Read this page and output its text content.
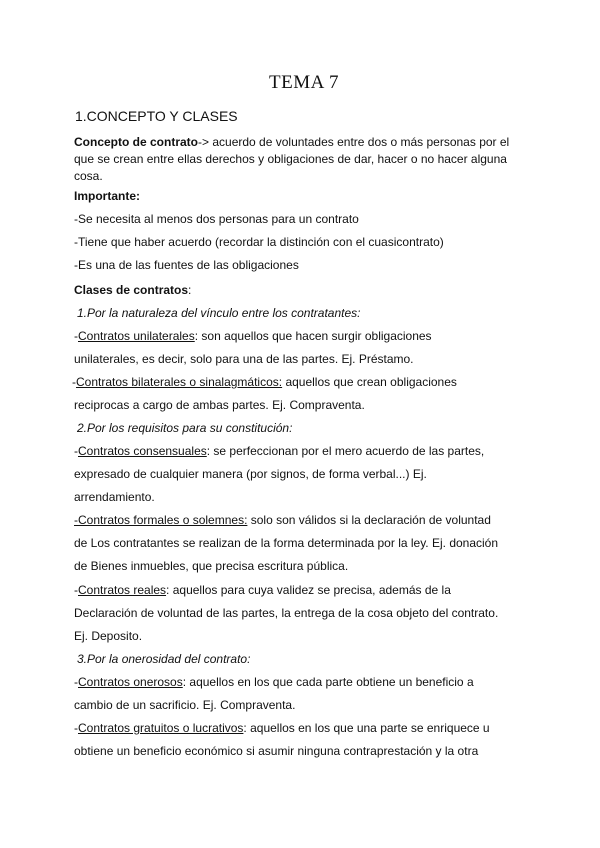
TEMA 7
1.CONCEPTO Y CLASES
Concepto de contrato-> acuerdo de voluntades entre dos o más personas por el que se crean entre ellas derechos y obligaciones de dar, hacer o no hacer alguna cosa.
Importante:
-Se necesita al menos dos personas para un contrato
-Tiene que haber acuerdo (recordar la distinción con el cuasicontrato)
-Es una de las fuentes de las obligaciones
Clases de contratos:
1.Por la naturaleza del vínculo entre los contratantes:
-Contratos unilaterales: son aquellos que hacen surgir obligaciones
unilaterales, es decir, solo para una de las partes. Ej. Préstamo.
-Contratos bilaterales o sinalagmáticos: aquellos que crean obligaciones
reciprocas a cargo de ambas partes. Ej. Compraventa.
2.Por los requisitos para su constitución:
-Contratos consensuales: se perfeccionan por el mero acuerdo de las partes,
expresado de cualquier manera (por signos, de forma verbal...) Ej.
arrendamiento.
-Contratos formales o solemnes: solo son válidos si la declaración de voluntad
de Los contratantes se realizan de la forma determinada por la ley. Ej. donación
de Bienes inmuebles, que precisa escritura pública.
-Contratos reales: aquellos para cuya validez se precisa, además de la
Declaración de voluntad de las partes, la entrega de la cosa objeto del contrato.
Ej. Deposito.
3.Por la onerosidad del contrato:
-Contratos onerosos: aquellos en los que cada parte obtiene un beneficio a
cambio de un sacrificio. Ej. Compraventa.
-Contratos gratuitos o lucrativos: aquellos en los que una parte se enriquece u
obtiene un beneficio económico si asumir ninguna contraprestación y la otra
